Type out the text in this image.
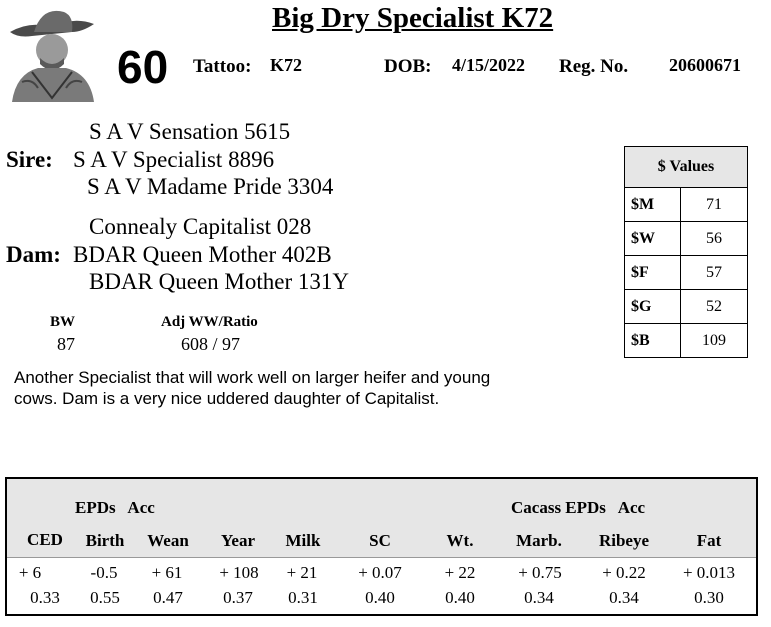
Big Dry Specialist K72
60 Tattoo: K72	DOB: 4/15/2022 Reg. No. 20600671
S A V Sensation 5615
Sire: S A V Specialist 8896
S A V Madame Pride 3304
Connealy Capitalist 028
Dam: BDAR Queen Mother 402B
BDAR Queen Mother 131Y
BW
87
Adj WW/Ratio
608 / 97
Another Specialist that will work well on larger heifer and young cows. Dam is a very nice uddered daughter of Capitalist.
$ Values	
$M	71
$W	56
$F	57
$G	52
$B	109
EPDs   Acc	Cacass EPDs   Acc
CED	Birth	Wean	Year	Milk	SC	Wt.	Marb.	Ribeye	Fat
+ 6	-0.5	+ 61	+ 108	+ 21	+ 0.07	+ 22	+ 0.75	+ 0.22	+ 0.013
0.33	0.55	0.47	0.37	0.31	0.40	0.40	0.34	0.34	0.30
